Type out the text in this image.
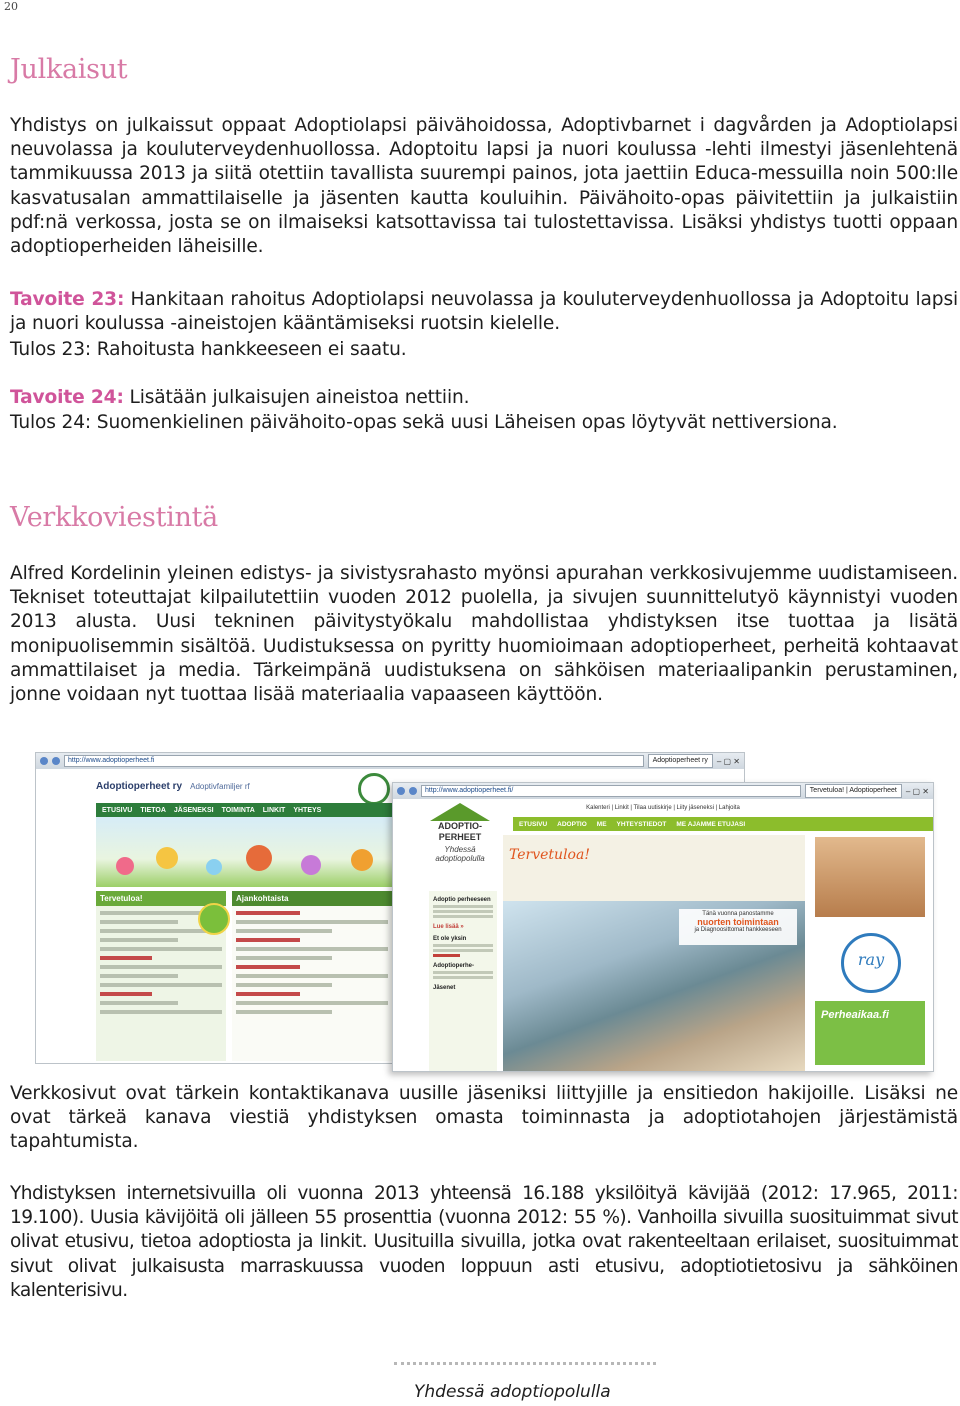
20
Julkaisut

Yhdistys on julkaissut oppaat Adoptiolapsi päivähoidossa, Adoptivbarnet i dagvården ja Adoptiolapsi neuvolassa ja kouluterveydenhuollossa. Adoptoitu lapsi ja nuori koulussa -lehti ilmestyi jäsenlehtenä tammikuussa 2013 ja siitä otettiin tavallista suurempi painos, jota jaettiin Educa-messuilla noin 500:lle kasvatusalan ammattilaiselle ja jäsenten kautta kouluihin. Päivähoito-opas päivitettiin ja julkaistiin pdf:nä verkossa, josta se on ilmaiseksi katsottavissa tai tulostettavissa. Lisäksi yhdistys tuotti oppaan adoptioperheiden läheisille.

Tavoite 23: Hankitaan rahoitus Adoptiolapsi neuvolassa ja kouluterveydenhuollossa ja Adoptoitu lapsi ja nuori koulussa -aineistojen kääntämiseksi ruotsin kielelle.

Tulos 23: Rahoitusta hankkeeseen ei saatu.

Tavoite 24: Lisätään julkaisujen aineistoa nettiin.

Tulos 24: Suomenkielinen päivähoito-opas sekä uusi Läheisen opas löytyvät nettiversiona.

Verkkoviestintä

Alfred Kordelinin yleinen edistys- ja sivistysrahasto myönsi apurahan verkkosivujemme uudistamiseen. Tekniset toteuttajat kilpailutettiin vuoden 2012 puolella, ja sivujen suunnittelutyö käynnistyi vuoden 2013 alusta. Uusi tekninen päivitystyökalu mahdollistaa yhdistyksen itse tuottaa ja lisätä monipuolisemmin sisältöä. Uudistuksessa on pyritty huomioimaan adoptioperheet, perheitä kohtaavat ammattilaiset ja media. Tärkeimpänä uudistuksena on sähköisen materiaalipankin perustaminen, jonne voidaan nyt tuottaa lisää materiaalia vapaaseen käyttöön.

http://www.adoptioperheet.fi	Adoptioperheet ry	– ▢ ✕
Adoptioperheet ry Adoptivfamiljer rf
ETUSIVU TIETOA JÄSENEKSI TOIMINTA LINKIT YHTEYS
Tervetuloa!	Ajankohtaista
http://www.adoptioperheet.fi/	Tervetuloa! | Adoptioperheet	– ▢ ✕
Kalenteri | Linkit | Tilaa uutiskirje | Liity jäseneksi | Lahjoita
ETUSIVU ADOPTIO ME YHTEYSTIEDOT ME AJAMME ETUJASI
ADOPTIO-
PERHEET
Yhdessä adoptiopolulla
Adoptio perheeseen
Lue lisää »
Et ole yksin
Adoptioperhe-
Jäsenet
Tervetuloa!
Tänä vuonna panostamme
nuorten toimintaan
ja Diagnoosittomat hankkeeseen
ray
Perheaikaa.fi

Verkkosivut ovat tärkein kontaktikanava uusille jäseniksi liittyjille ja ensitiedon hakijoille. Lisäksi ne ovat tärkeä kanava viestiä yhdistyksen omasta toiminnasta ja adoptiotahojen järjestämistä tapahtumista.

Yhdistyksen internetsivuilla oli vuonna 2013 yhteensä 16.188 yksilöityä kävijää (2012: 17.965, 2011: 19.100). Uusia kävijöitä oli jälleen 55 prosenttia (vuonna 2012: 55 %). Vanhoilla sivuilla suosituimmat sivut olivat etusivu, tietoa adoptiosta ja linkit. Uusituilla sivuilla, jotka ovat rakenteeltaan erilaiset, suosituimmat sivut olivat julkaisusta marraskuussa vuoden loppuun asti etusivu, adoptiotietosivu ja sähköinen kalenterisivu.

Yhdessä adoptiopolulla
